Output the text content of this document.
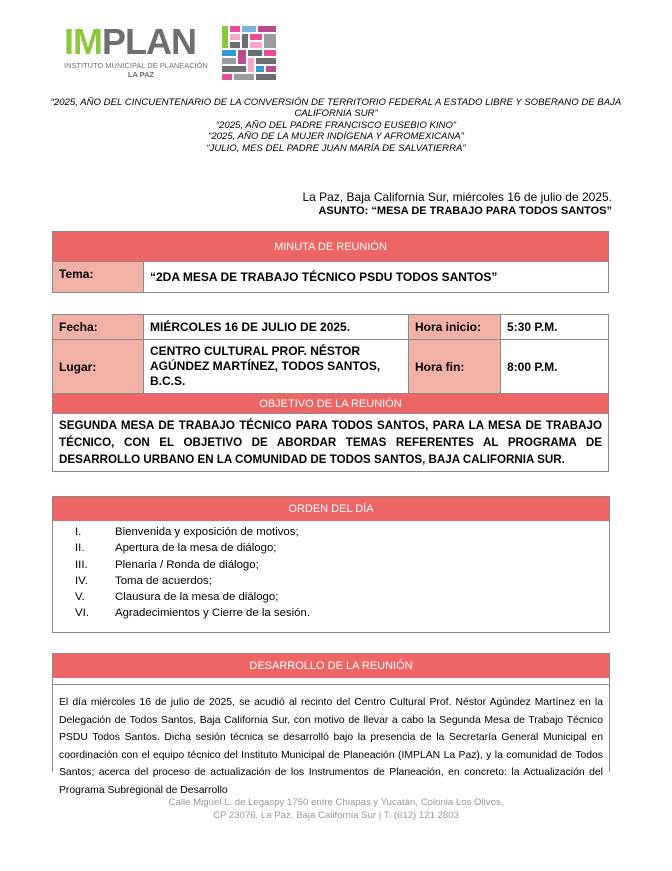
IMPLAN
INSTITUTO MUNICIPAL DE PLANEACIÓN
LA PAZ
“2025, AÑO DEL CINCUENTENARIO DE LA CONVERSIÓN DE TERRITORIO FEDERAL A ESTADO LIBRE Y SOBERANO DE BAJA CALIFORNIA SUR”
“2025, AÑO DEL PADRE FRANCISCO EUSEBIO KINO”
“2025, AÑO DE LA MUJER INDÍGENA Y AFROMEXICANA”
“JULIO, MES DEL PADRE JUAN MARÍA DE SALVATIERRA”
La Paz, Baja California Sur, miércoles 16 de julio de 2025.
ASUNTO: “MESA DE TRABAJO PARA TODOS SANTOS”
MINUTA DE REUNIÓN
Tema:	“2DA MESA DE TRABAJO TÉCNICO PSDU TODOS SANTOS”
Fecha:	MIÉRCOLES 16 DE JULIO DE 2025.	Hora inicio:	5:30 P.M.
Lugar:	CENTRO CULTURAL PROF. NÉSTOR AGÚNDEZ MARTÍNEZ, TODOS SANTOS, B.C.S.	Hora fin:	8:00 P.M.
OBJETIVO DE LA REUNIÓN			
SEGUNDA MESA DE TRABAJO TÉCNICO PARA TODOS SANTOS, PARA LA MESA DE TRABAJO TÉCNICO, CON EL OBJETIVO DE ABORDAR TEMAS REFERENTES AL PROGRAMA DE DESARROLLO URBANO EN LA COMUNIDAD DE TODOS SANTOS, BAJA CALIFORNIA SUR.			
ORDEN DEL DÍA
I.	Bienvenida y exposición de motivos;
II.	Apertura de la mesa de diálogo;
III.	Plenaria / Ronda de diálogo;
IV.	Toma de acuerdos;
V.	Clausura de la mesa de diálogo;
VI.	Agradecimientos y Cierre de la sesión.
DESARROLLO DE LA REUNIÓN
El día miércoles 16 de julio de 2025, se acudió al recinto del Centro Cultural Prof. Néstor Agúndez Martínez en la Delegación de Todos Santos, Baja California Sur, con motivo de llevar a cabo la Segunda Mesa de Trabajo Técnico PSDU Todos Santos. Dicha sesión técnica se desarrolló bajo la presencia de la Secretaría General Municipal en coordinación con el equipo técnico del Instituto Municipal de Planeación (IMPLAN La Paz), y la comunidad de Todos Santos; acerca del proceso de actualización de los Instrumentos de Planeación, en concreto: la Actualización del Programa Subregional de Desarrollo
Calle Miguel L. de Legaspy 1750 entre Chiapas y Yucatán, Colonia Los Olivos,
CP 23076, La Paz, Baja California Sur | T. (612) 121 2803
